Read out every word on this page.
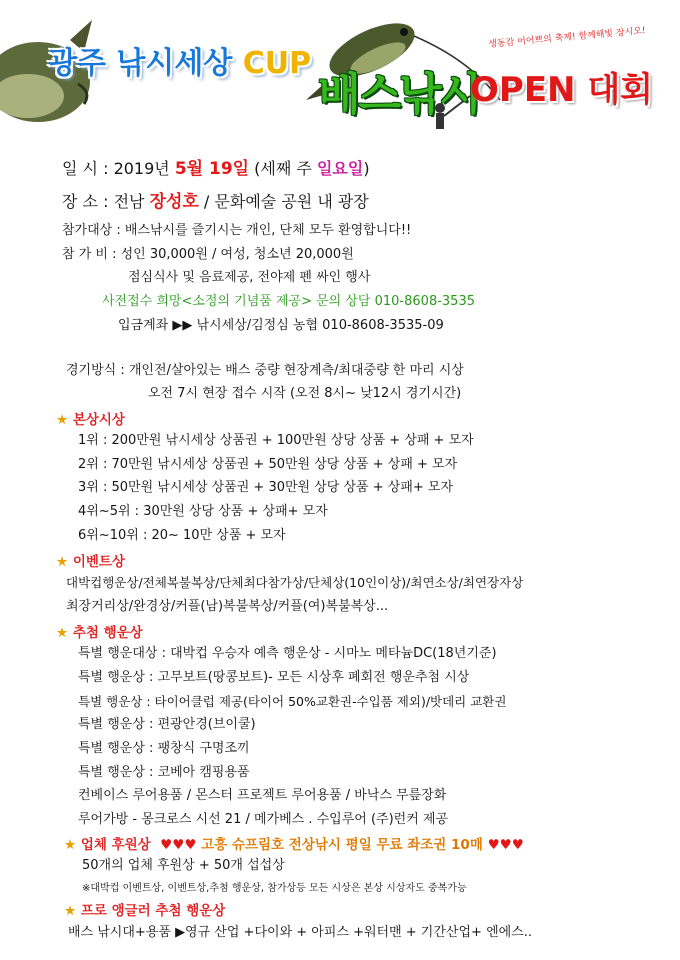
광주 낚시세상 CUP
배스낚시
OPEN 대회
생동감 어어쁘의 축제! 함께해빛 장시오!
일 시 : 2019년 5월 19일 (세째 주 일요일)
장 소 : 전남 장성호 / 문화예술 공원 내 광장
참가대상 : 배스낚시를 즐기시는 개인, 단체 모두 환영합니다!!
참 가 비 : 성인 30,000원 / 여성, 청소년 20,000원
점심식사 및 음료제공, 전야제 펜 싸인 행사
사전접수 희망<소정의 기념품 제공> 문의 상담 010-8608-3535
입금계좌 ▶▶ 낚시세상/김정심 농협 010-8608-3535-09
경기방식 : 개인전/살아있는 배스 중량 현장계측/최대중량 한 마리 시상
오전 7시 현장 접수 시작 (오전 8시~ 낮12시 경기시간)
★ 본상시상
1위 : 200만원 낚시세상 상품권 + 100만원 상당 상품 + 상패 + 모자
2위 : 70만원 낚시세상 상품권 + 50만원 상당 상품 + 상패 + 모자
3위 : 50만원 낚시세상 상품권 + 30만원 상당 상품 + 상패+ 모자
4위~5위 : 30만원 상당 상품 + 상패+ 모자
6위~10위 : 20~ 10만 상품 + 모자
★ 이벤트상
대박컵행운상/전체복불복상/단체최다참가상/단체상(10인이상)/최연소상/최연장자상
최장거리상/완경상/커플(남)복불복상/커플(여)복불복상...
★ 추첨 행운상
특별 행운대상 : 대박컵 우승자 예측 행운상 - 시마노 메타늄DC(18년기준)
특별 행운상 : 고무보트(땅콩보트)- 모든 시상후 폐회전 행운추첨 시상
특별 행운상 : 타이어클럽 제공(타이어 50%교환권-수입품 제외)/밧데리 교환권
특별 행운상 : 편광안경(브이쿨)
특별 행운상 : 팽창식 구명조끼
특별 행운상 : 코베아 캠핑용품
컨베이스 루어용품 / 몬스터 프로젝트 루어용품 / 바낙스 무릎장화
루어가방 - 몽크로스 시선 21 / 메가베스 . 수입루어 (주)런커 제공
★ 업체 후원상 ♥♥♥ 고흥 슈프림호 전상낚시 평일 무료 좌조권 10매 ♥♥♥
50개의 업체 후원상 + 50개 섭섭상
※대박컵 이벤트상, 이벤트상,추첨 행운상, 참가상등 모든 시상은 본상 시상자도 중복가능
★ 프로 앵글러 추첨 행운상
배스 낚시대+용품 ▶영규 산업 +다이와 + 아피스 +워터맨 + 기간산업+ 엔에스..
